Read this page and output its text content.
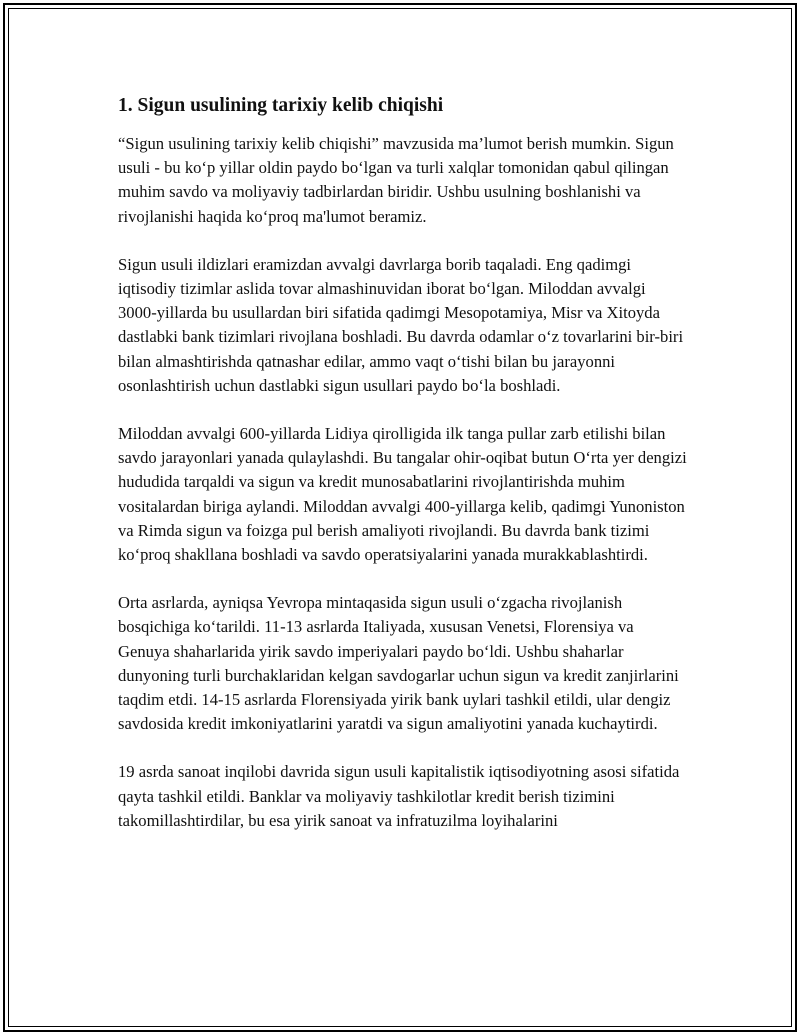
1. Sigun usulining tarixiy kelib chiqishi

“Sigun usulining tarixiy kelib chiqishi” mavzusida ma’lumot berish mumkin. Sigun usuli - bu ko‘p yillar oldin paydo bo‘lgan va turli xalqlar tomonidan qabul qilingan muhim savdo va moliyaviy tadbirlardan biridir. Ushbu usulning boshlanishi va rivojlanishi haqida ko‘proq ma'lumot beramiz.

Sigun usuli ildizlari eramizdan avvalgi davrlarga borib taqaladi. Eng qadimgi iqtisodiy tizimlar aslida tovar almashinuvidan iborat bo‘lgan. Miloddan avvalgi 3000-yillarda bu usullardan biri sifatida qadimgi Mesopotamiya, Misr va Xitoyda dastlabki bank tizimlari rivojlana boshladi. Bu davrda odamlar o‘z tovarlarini bir-biri bilan almashtirishda qatnashar edilar, ammo vaqt o‘tishi bilan bu jarayonni osonlashtirish uchun dastlabki sigun usullari paydo bo‘la boshladi.

Miloddan avvalgi 600-yillarda Lidiya qirolligida ilk tanga pullar zarb etilishi bilan savdo jarayonlari yanada qulaylashdi. Bu tangalar ohir-oqibat butun O‘rta yer dengizi hududida tarqaldi va sigun va kredit munosabatlarini rivojlantirishda muhim vositalardan biriga aylandi. Miloddan avvalgi 400-yillarga kelib, qadimgi Yunoniston va Rimda sigun va foizga pul berish amaliyoti rivojlandi. Bu davrda bank tizimi ko‘proq shakllana boshladi va savdo operatsiyalarini yanada murakkablashtirdi.

Orta asrlarda, ayniqsa Yevropa mintaqasida sigun usuli o‘zgacha rivojlanish bosqichiga ko‘tarildi. 11-13 asrlarda Italiyada, xususan Venetsi, Florensiya va Genuya shaharlarida yirik savdo imperiyalari paydo bo‘ldi. Ushbu shaharlar dunyoning turli burchaklaridan kelgan savdogarlar uchun sigun va kredit zanjirlarini taqdim etdi. 14-15 asrlarda Florensiyada yirik bank uylari tashkil etildi, ular dengiz savdosida kredit imkoniyatlarini yaratdi va sigun amaliyotini yanada kuchaytirdi.

19 asrda sanoat inqilobi davrida sigun usuli kapitalistik iqtisodiyotning asosi sifatida qayta tashkil etildi. Banklar va moliyaviy tashkilotlar kredit berish tizimini takomillashtirdilar, bu esa yirik sanoat va infratuzilma loyihalarini
